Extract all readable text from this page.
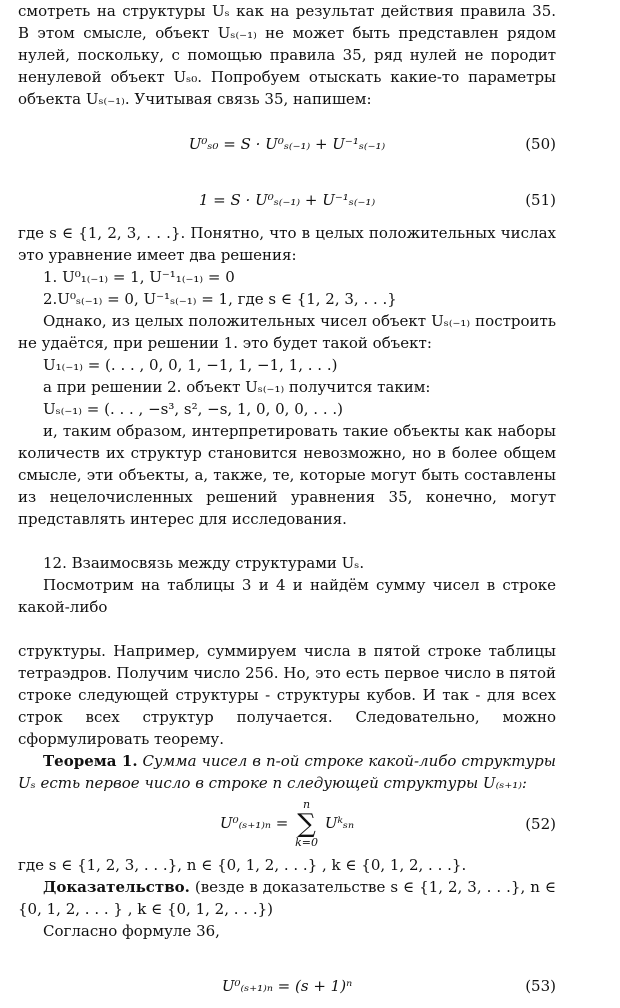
смотреть на структуры Uₛ как на результат действия правила 35. В этом смысле, объект Uₛ₍₋₁₎ не может быть представлен рядом нулей, поскольку, с помощью правила 35, ряд нулей не породит ненулевой объект Uₛ₀. Попробуем отыскать какие-то параметры объекта Uₛ₍₋₁₎. Учитывая связь 35, напишем:

U⁰ₛ₀ = S · U⁰ₛ₍₋₁₎ + U⁻¹ₛ₍₋₁₎	(50)
1 = S · U⁰ₛ₍₋₁₎ + U⁻¹ₛ₍₋₁₎	(51)

где s ∈ {1, 2, 3, . . .}. Понятно, что в целых положительных числах это уравнение имеет два решения:

1. U⁰₁₍₋₁₎ = 1, U⁻¹₁₍₋₁₎ = 0

2.U⁰ₛ₍₋₁₎ = 0, U⁻¹ₛ₍₋₁₎ = 1, где s ∈ {1, 2, 3, . . .}

Однако, из целых положительных чисел объект Uₛ₍₋₁₎ построить не удаётся, при решении 1. это будет такой объект:

U₁₍₋₁₎ = (. . . , 0, 0, 1, −1, 1, −1, 1, . . .)

а при решении 2. объект Uₛ₍₋₁₎ получится таким:

Uₛ₍₋₁₎ = (. . . , −s³, s², −s, 1, 0, 0, 0, . . .)

и, таким образом, интерпретировать такие объекты как наборы количеств их структур становится невозможно, но в более общем смысле, эти объекты, а, также, те, которые могут быть составлены из нецелочисленных решений уравнения 35, конечно, могут представлять интерес для исследования.

12. Взаимосвязь между структурами Uₛ.

Посмотрим на таблицы 3 и 4 и найдём сумму чисел в строке какой-либо

структуры. Например, суммируем числа в пятой строке таблицы тетраэдров. Получим число 256. Но, это есть первое число в пятой строке следующей структуры - структуры кубов. И так - для всех строк всех структур получается. Следовательно, можно сформулировать теорему.

Теорема 1. Сумма чисел в n-ой строке какой-либо структуры Uₛ есть первое число в строке n следующей структуры U₍ₛ₊₁₎:

U⁰₍ₛ₊₁₎ₙ =
n
∑
k=0
Uᵏₛₙ	(52)

где s ∈ {1, 2, 3, . . .}, n ∈ {0, 1, 2, . . .} , k ∈ {0, 1, 2, . . .}.

Доказательство. (везде в доказательстве s ∈ {1, 2, 3, . . .}, n ∈ {0, 1, 2, . . . } , k ∈ {0, 1, 2, . . .})

Согласно формуле 36,

U⁰₍ₛ₊₁₎ₙ = (s + 1)ⁿ	(53)
